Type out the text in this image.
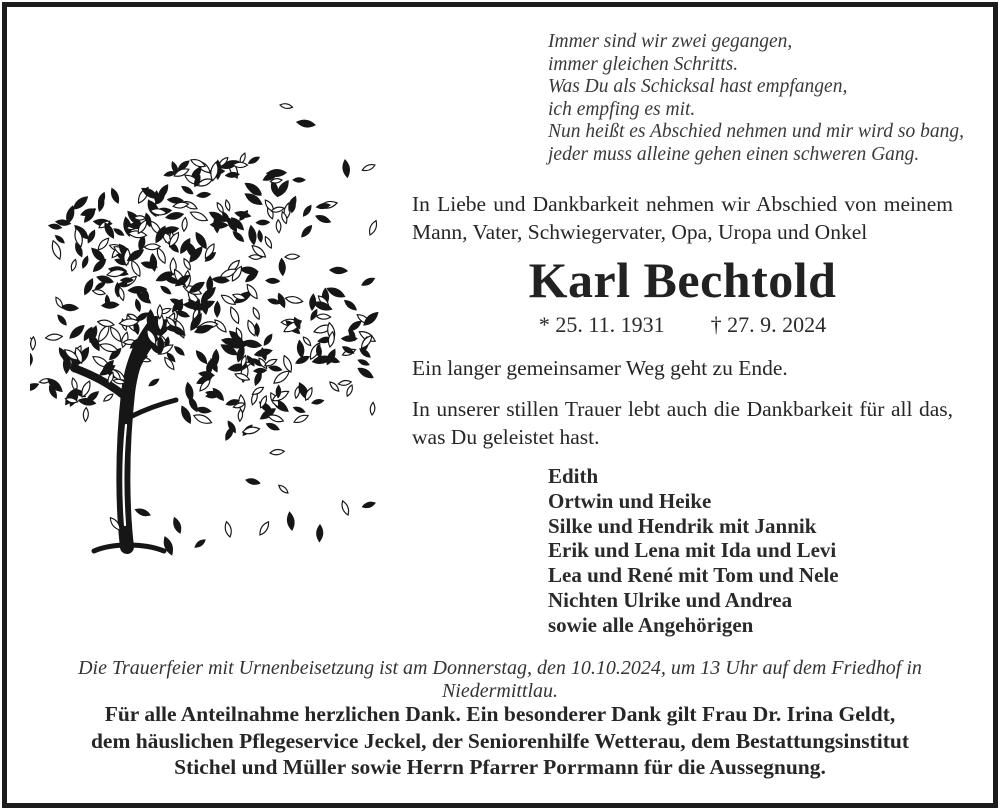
Immer sind wir zwei gegangen,
immer gleichen Schritts.
Was Du als Schicksal hast empfangen,
ich empfing es mit.
Nun heißt es Abschied nehmen und mir wird so bang,
jeder muss alleine gehen einen schweren Gang.
In Liebe und Dankbarkeit nehmen wir Abschied von meinem
Mann, Vater, Schwiegervater, Opa, Uropa und Onkel
Karl Bechtold
* 25. 11. 1931 † 27. 9. 2024
Ein langer gemeinsamer Weg geht zu Ende.
In unserer stillen Trauer lebt auch die Dankbarkeit für all das,
was Du geleistet hast.
Edith
Ortwin und Heike
Silke und Hendrik mit Jannik
Erik und Lena mit Ida und Levi
Lea und René mit Tom und Nele
Nichten Ulrike und Andrea
sowie alle Angehörigen
Die Trauerfeier mit Urnenbeisetzung ist am Donnerstag, den 10.10.2024, um 13 Uhr auf dem Friedhof in Niedermittlau.
Für alle Anteilnahme herzlichen Dank. Ein besonderer Dank gilt Frau Dr. Irina Geldt,
dem häuslichen Pflegeservice Jeckel, der Seniorenhilfe Wetterau, dem Bestattungsinstitut
Stichel und Müller sowie Herrn Pfarrer Porrmann für die Aussegnung.
